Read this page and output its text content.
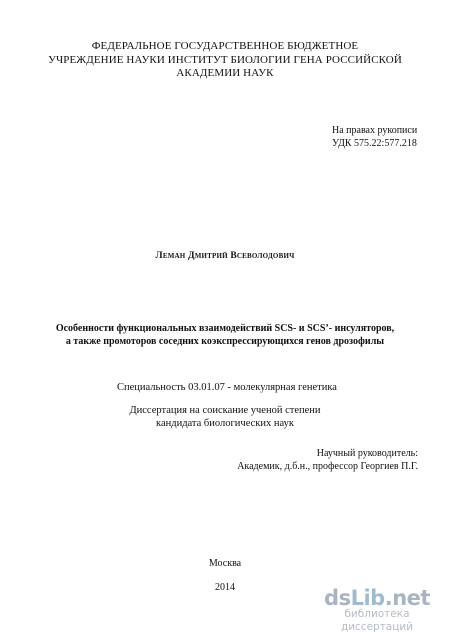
ФЕДЕРАЛЬНОЕ ГОСУДАРСТВЕННОЕ БЮДЖЕТНОЕ
УЧРЕЖДЕНИЕ НАУКИ ИНСТИТУТ БИОЛОГИИ ГЕНА РОССИЙСКОЙ
АКАДЕМИИ НАУК
На правах рукописи
УДК 575.22:577.218
Леман Дмитрий Всеволодович
Особенности функциональных взаимодействий SCS- и SCS’- инсуляторов,
а также промоторов соседних коэкспрессирующихся генов дрозофилы
Специальность 03.01.07 - молекулярная генетика
Диссертация на соискание ученой степени
кандидата биологических наук
Научный руководитель:
Академик, д.б.н., профессор Георгиев П.Г.
Москва
2014	dsLib.net
библиотека диссертаций
